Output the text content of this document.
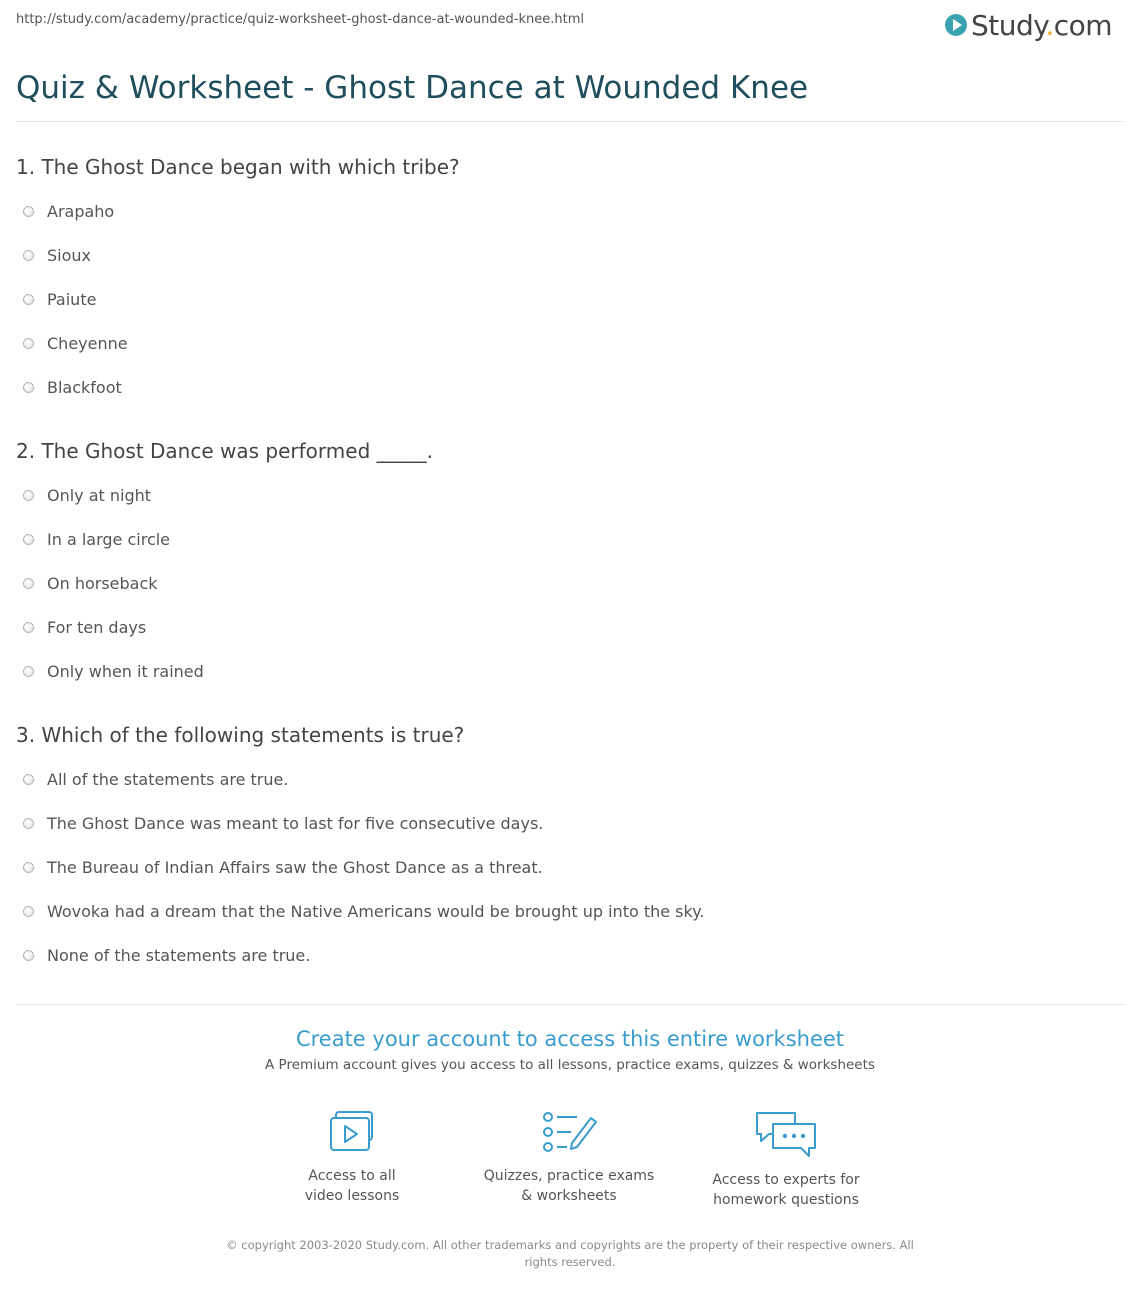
http://study.com/academy/practice/quiz-worksheet-ghost-dance-at-wounded-knee.html	Study.com
Quiz & Worksheet - Ghost Dance at Wounded Knee
1. The Ghost Dance began with which tribe?
Arapaho
Sioux
Paiute
Cheyenne
Blackfoot
2. The Ghost Dance was performed _____.
Only at night
In a large circle
On horseback
For ten days
Only when it rained
3. Which of the following statements is true?
All of the statements are true.
The Ghost Dance was meant to last for five consecutive days.
The Bureau of Indian Affairs saw the Ghost Dance as a threat.
Wovoka had a dream that the Native Americans would be brought up into the sky.
None of the statements are true.
Create your account to access this entire worksheet
A Premium account gives you access to all lessons, practice exams, quizzes & worksheets
Access to all
video lessons
Quizzes, practice exams
& worksheets
Access to experts for
homework questions
© copyright 2003-2020 Study.com. All other trademarks and copyrights are the property of their respective owners. All rights reserved.
